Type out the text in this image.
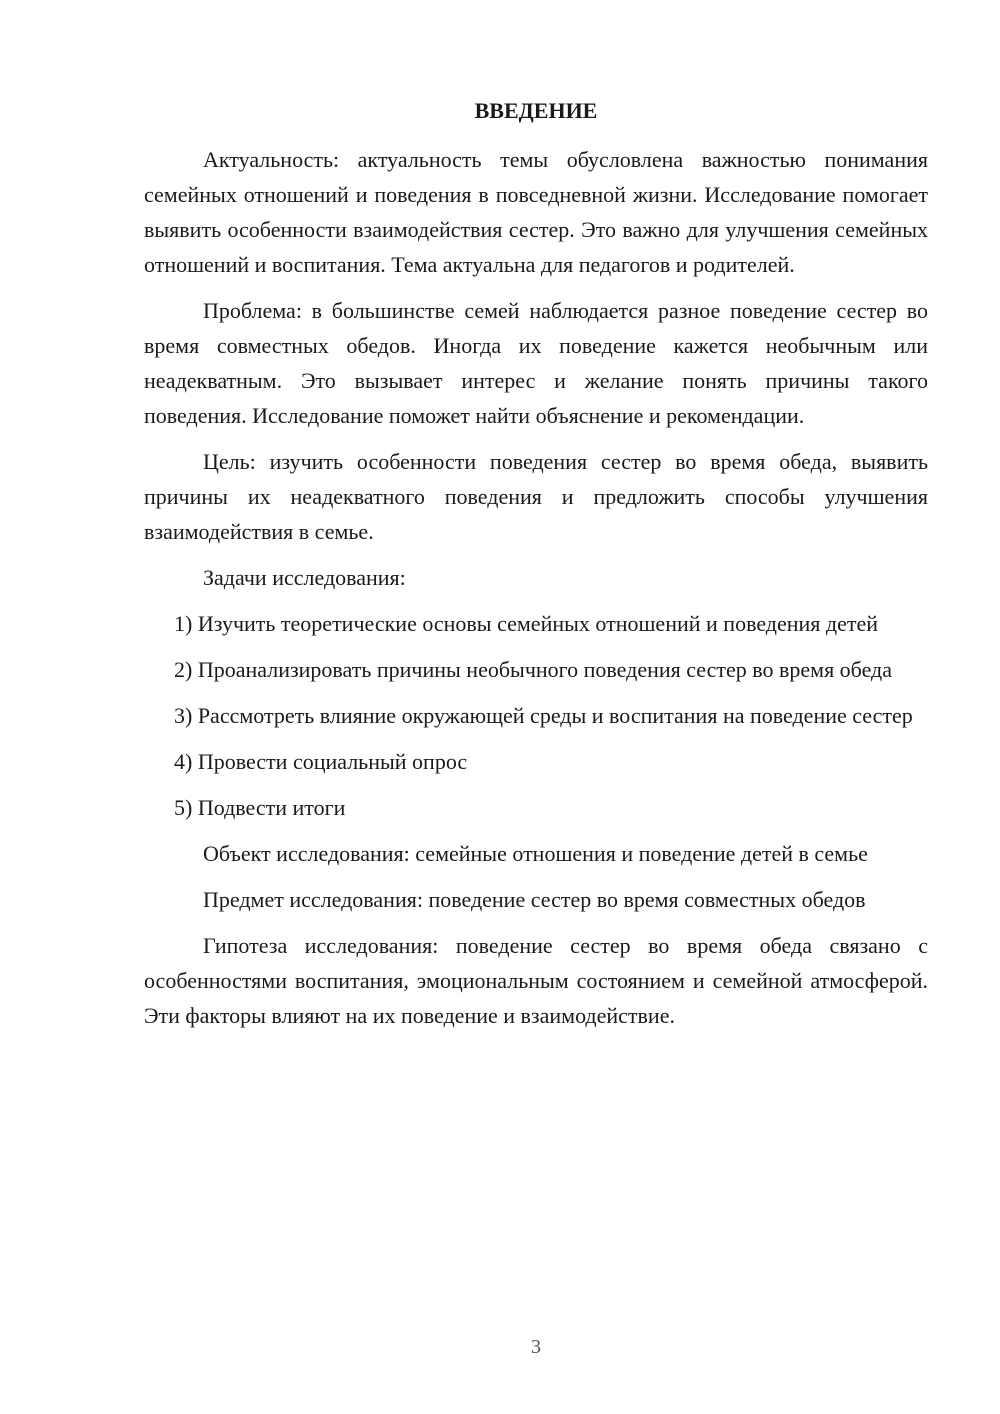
ВВЕДЕНИЕ

Актуальность: актуальность темы обусловлена важностью понимания семейных отношений и поведения в повседневной жизни. Исследование помогает выявить особенности взаимодействия сестер. Это важно для улучшения семейных отношений и воспитания. Тема актуальна для педагогов и родителей.

Проблема: в большинстве семей наблюдается разное поведение сестер во время совместных обедов. Иногда их поведение кажется необычным или неадекватным. Это вызывает интерес и желание понять причины такого поведения. Исследование поможет найти объяснение и рекомендации.

Цель: изучить особенности поведения сестер во время обеда, выявить причины их неадекватного поведения и предложить способы улучшения взаимодействия в семье.

Задачи исследования:

1) Изучить теоретические основы семейных отношений и поведения детей

2) Проанализировать причины необычного поведения сестер во время обеда

3) Рассмотреть влияние окружающей среды и воспитания на поведение сестер

4) Провести социальный опрос

5) Подвести итоги

Объект исследования: семейные отношения и поведение детей в семье

Предмет исследования: поведение сестер во время совместных обедов

Гипотеза исследования: поведение сестер во время обеда связано с особенностями воспитания, эмоциональным состоянием и семейной атмосферой. Эти факторы влияют на их поведение и взаимодействие.

3
